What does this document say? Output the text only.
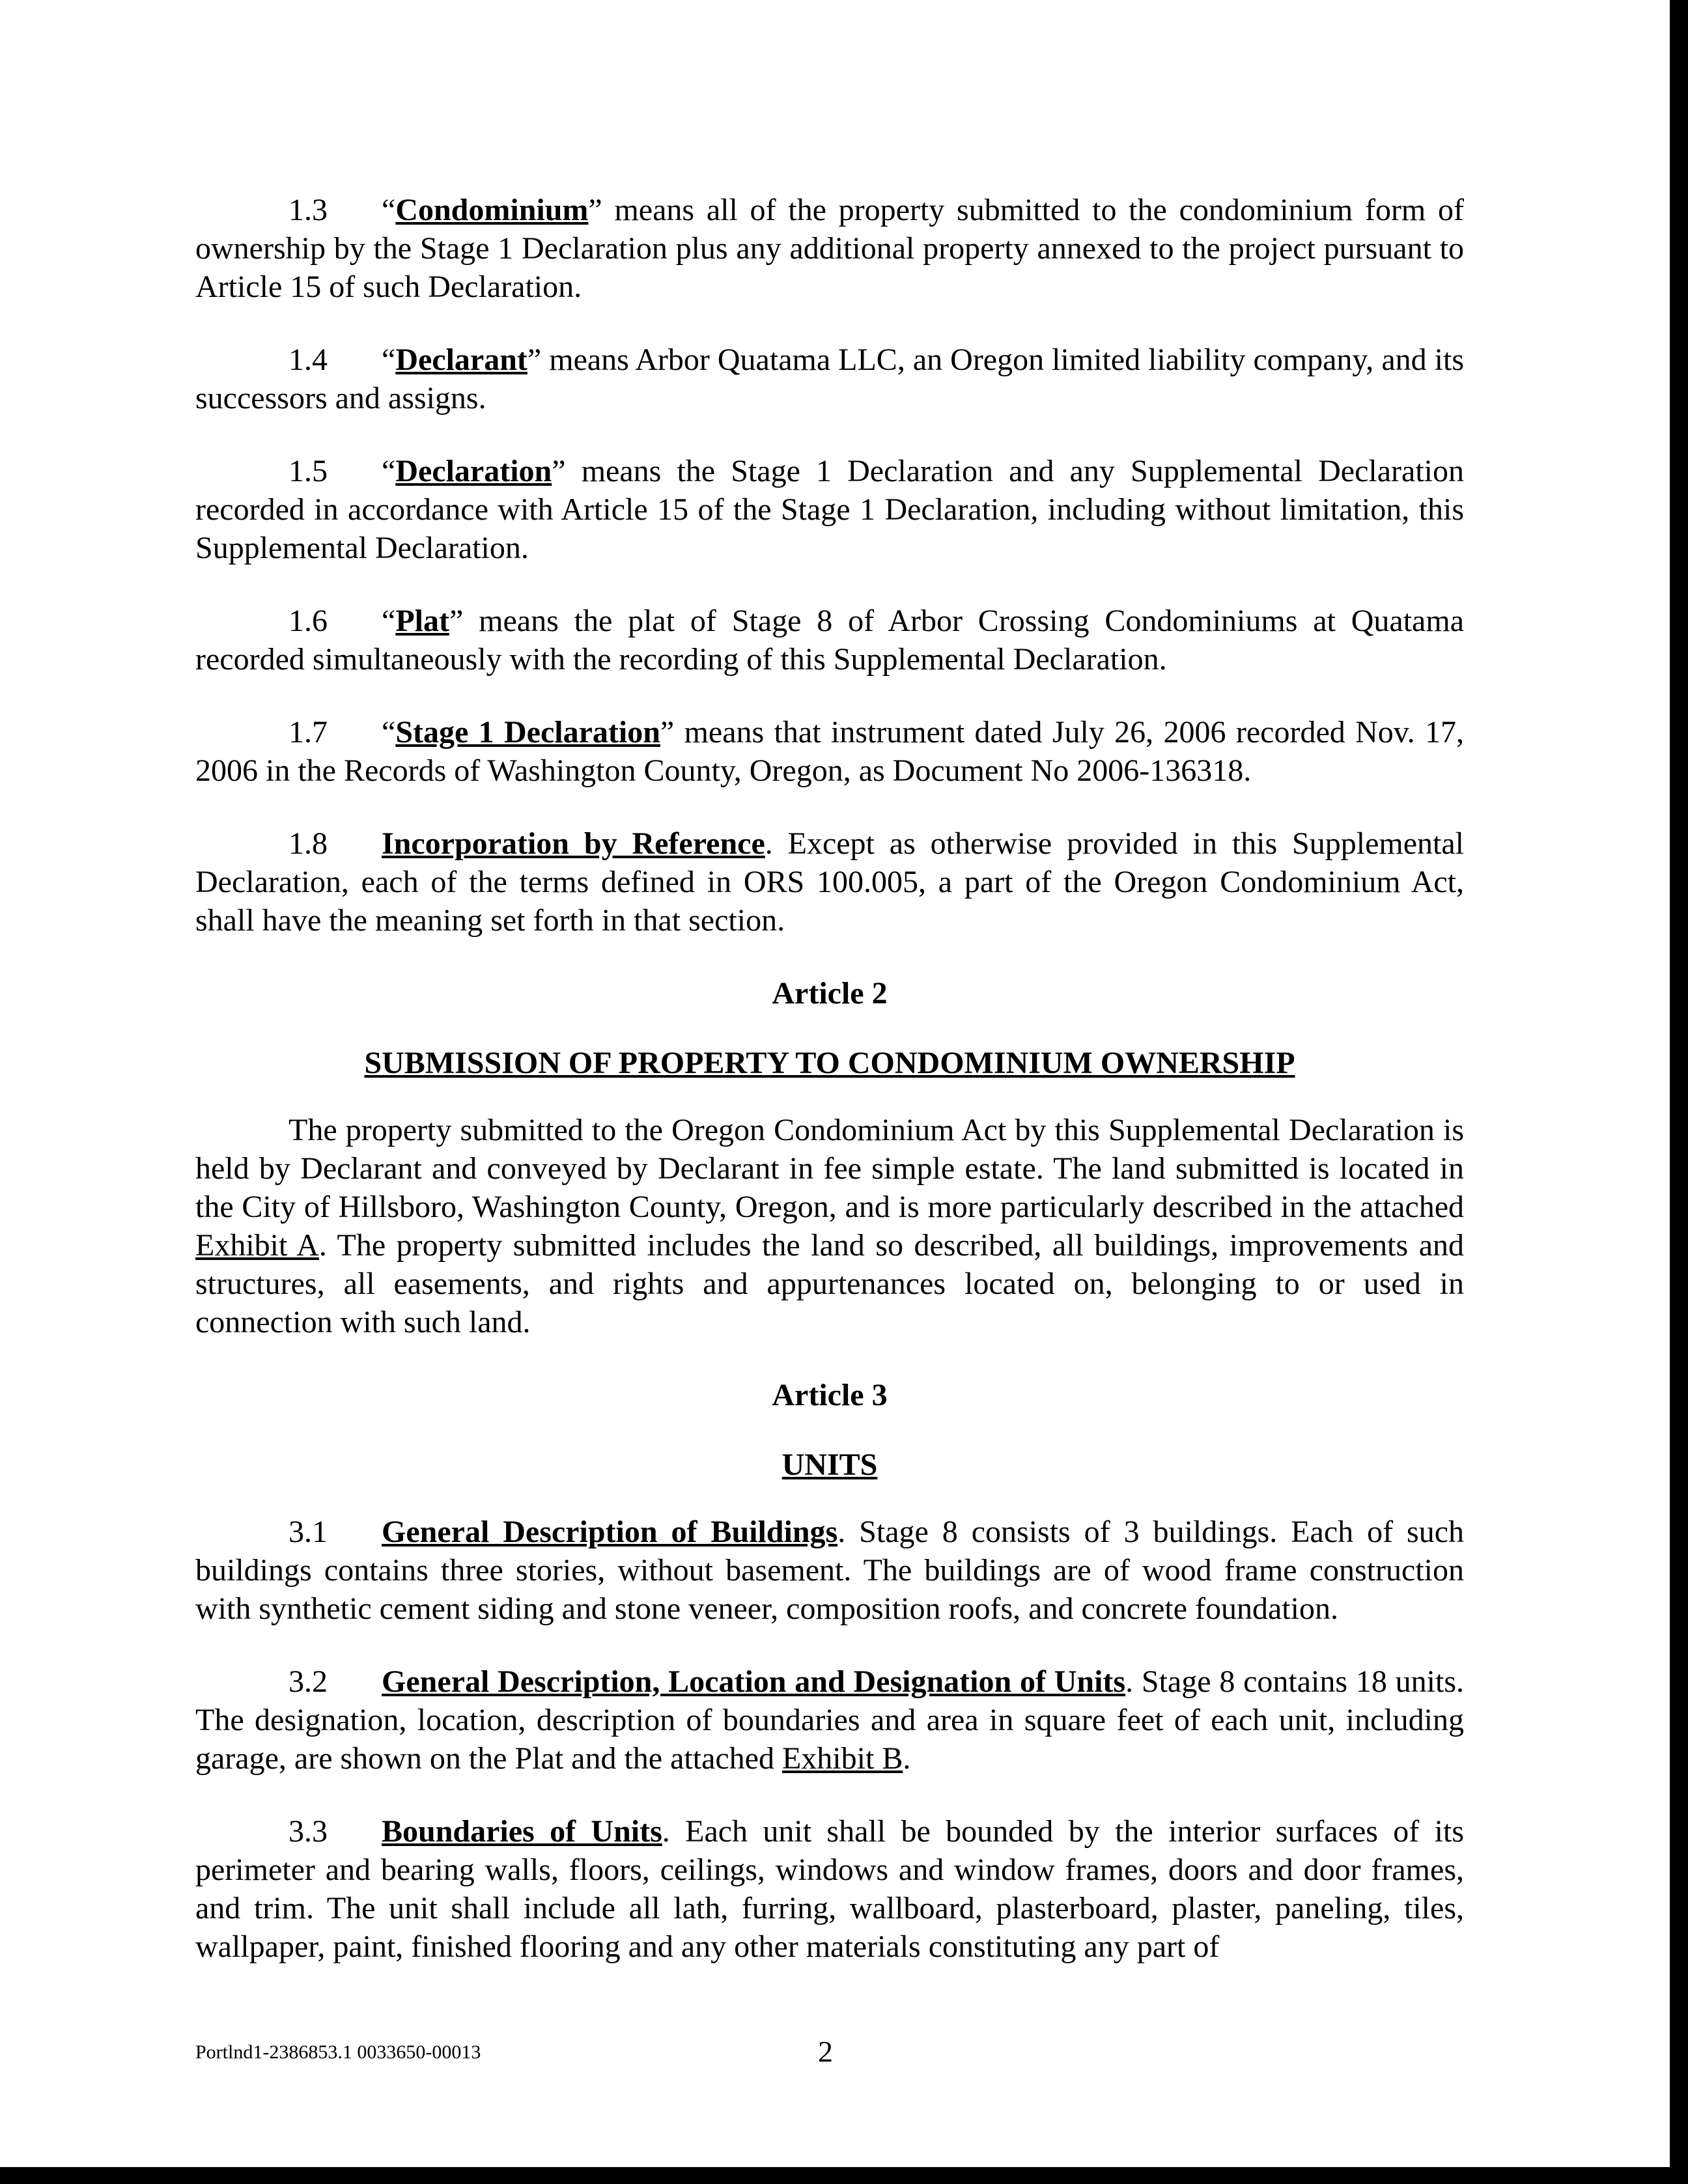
1.3 “Condominium” means all of the property submitted to the condominium form of ownership by the Stage 1 Declaration plus any additional property annexed to the project pursuant to Article 15 of such Declaration.

1.4 “Declarant” means Arbor Quatama LLC, an Oregon limited liability company, and its successors and assigns.

1.5 “Declaration” means the Stage 1 Declaration and any Supplemental Declaration recorded in accordance with Article 15 of the Stage 1 Declaration, including without limitation, this Supplemental Declaration.

1.6 “Plat” means the plat of Stage 8 of Arbor Crossing Condominiums at Quatama recorded simultaneously with the recording of this Supplemental Declaration.

1.7 “Stage 1 Declaration” means that instrument dated July 26, 2006 recorded Nov. 17, 2006 in the Records of Washington County, Oregon, as Document No 2006-136318.

1.8 Incorporation by Reference. Except as otherwise provided in this Supplemental Declaration, each of the terms defined in ORS 100.005, a part of the Oregon Condominium Act, shall have the meaning set forth in that section.

Article 2
SUBMISSION OF PROPERTY TO CONDOMINIUM OWNERSHIP

The property submitted to the Oregon Condominium Act by this Supplemental Declaration is held by Declarant and conveyed by Declarant in fee simple estate. The land submitted is located in the City of Hillsboro, Washington County, Oregon, and is more particularly described in the attached Exhibit A. The property submitted includes the land so described, all buildings, improvements and structures, all easements, and rights and appurtenances located on, belonging to or used in connection with such land.

Article 3
UNITS

3.1 General Description of Buildings. Stage 8 consists of 3 buildings. Each of such buildings contains three stories, without basement. The buildings are of wood frame construction with synthetic cement siding and stone veneer, composition roofs, and concrete foundation.

3.2 General Description, Location and Designation of Units. Stage 8 contains 18 units. The designation, location, description of boundaries and area in square feet of each unit, including garage, are shown on the Plat and the attached Exhibit B.

3.3 Boundaries of Units. Each unit shall be bounded by the interior surfaces of its perimeter and bearing walls, floors, ceilings, windows and window frames, doors and door frames, and trim. The unit shall include all lath, furring, wallboard, plasterboard, plaster, paneling, tiles, wallpaper, paint, finished flooring and any other materials constituting any part of

Portlnd1-2386853.1 0033650-00013	2
